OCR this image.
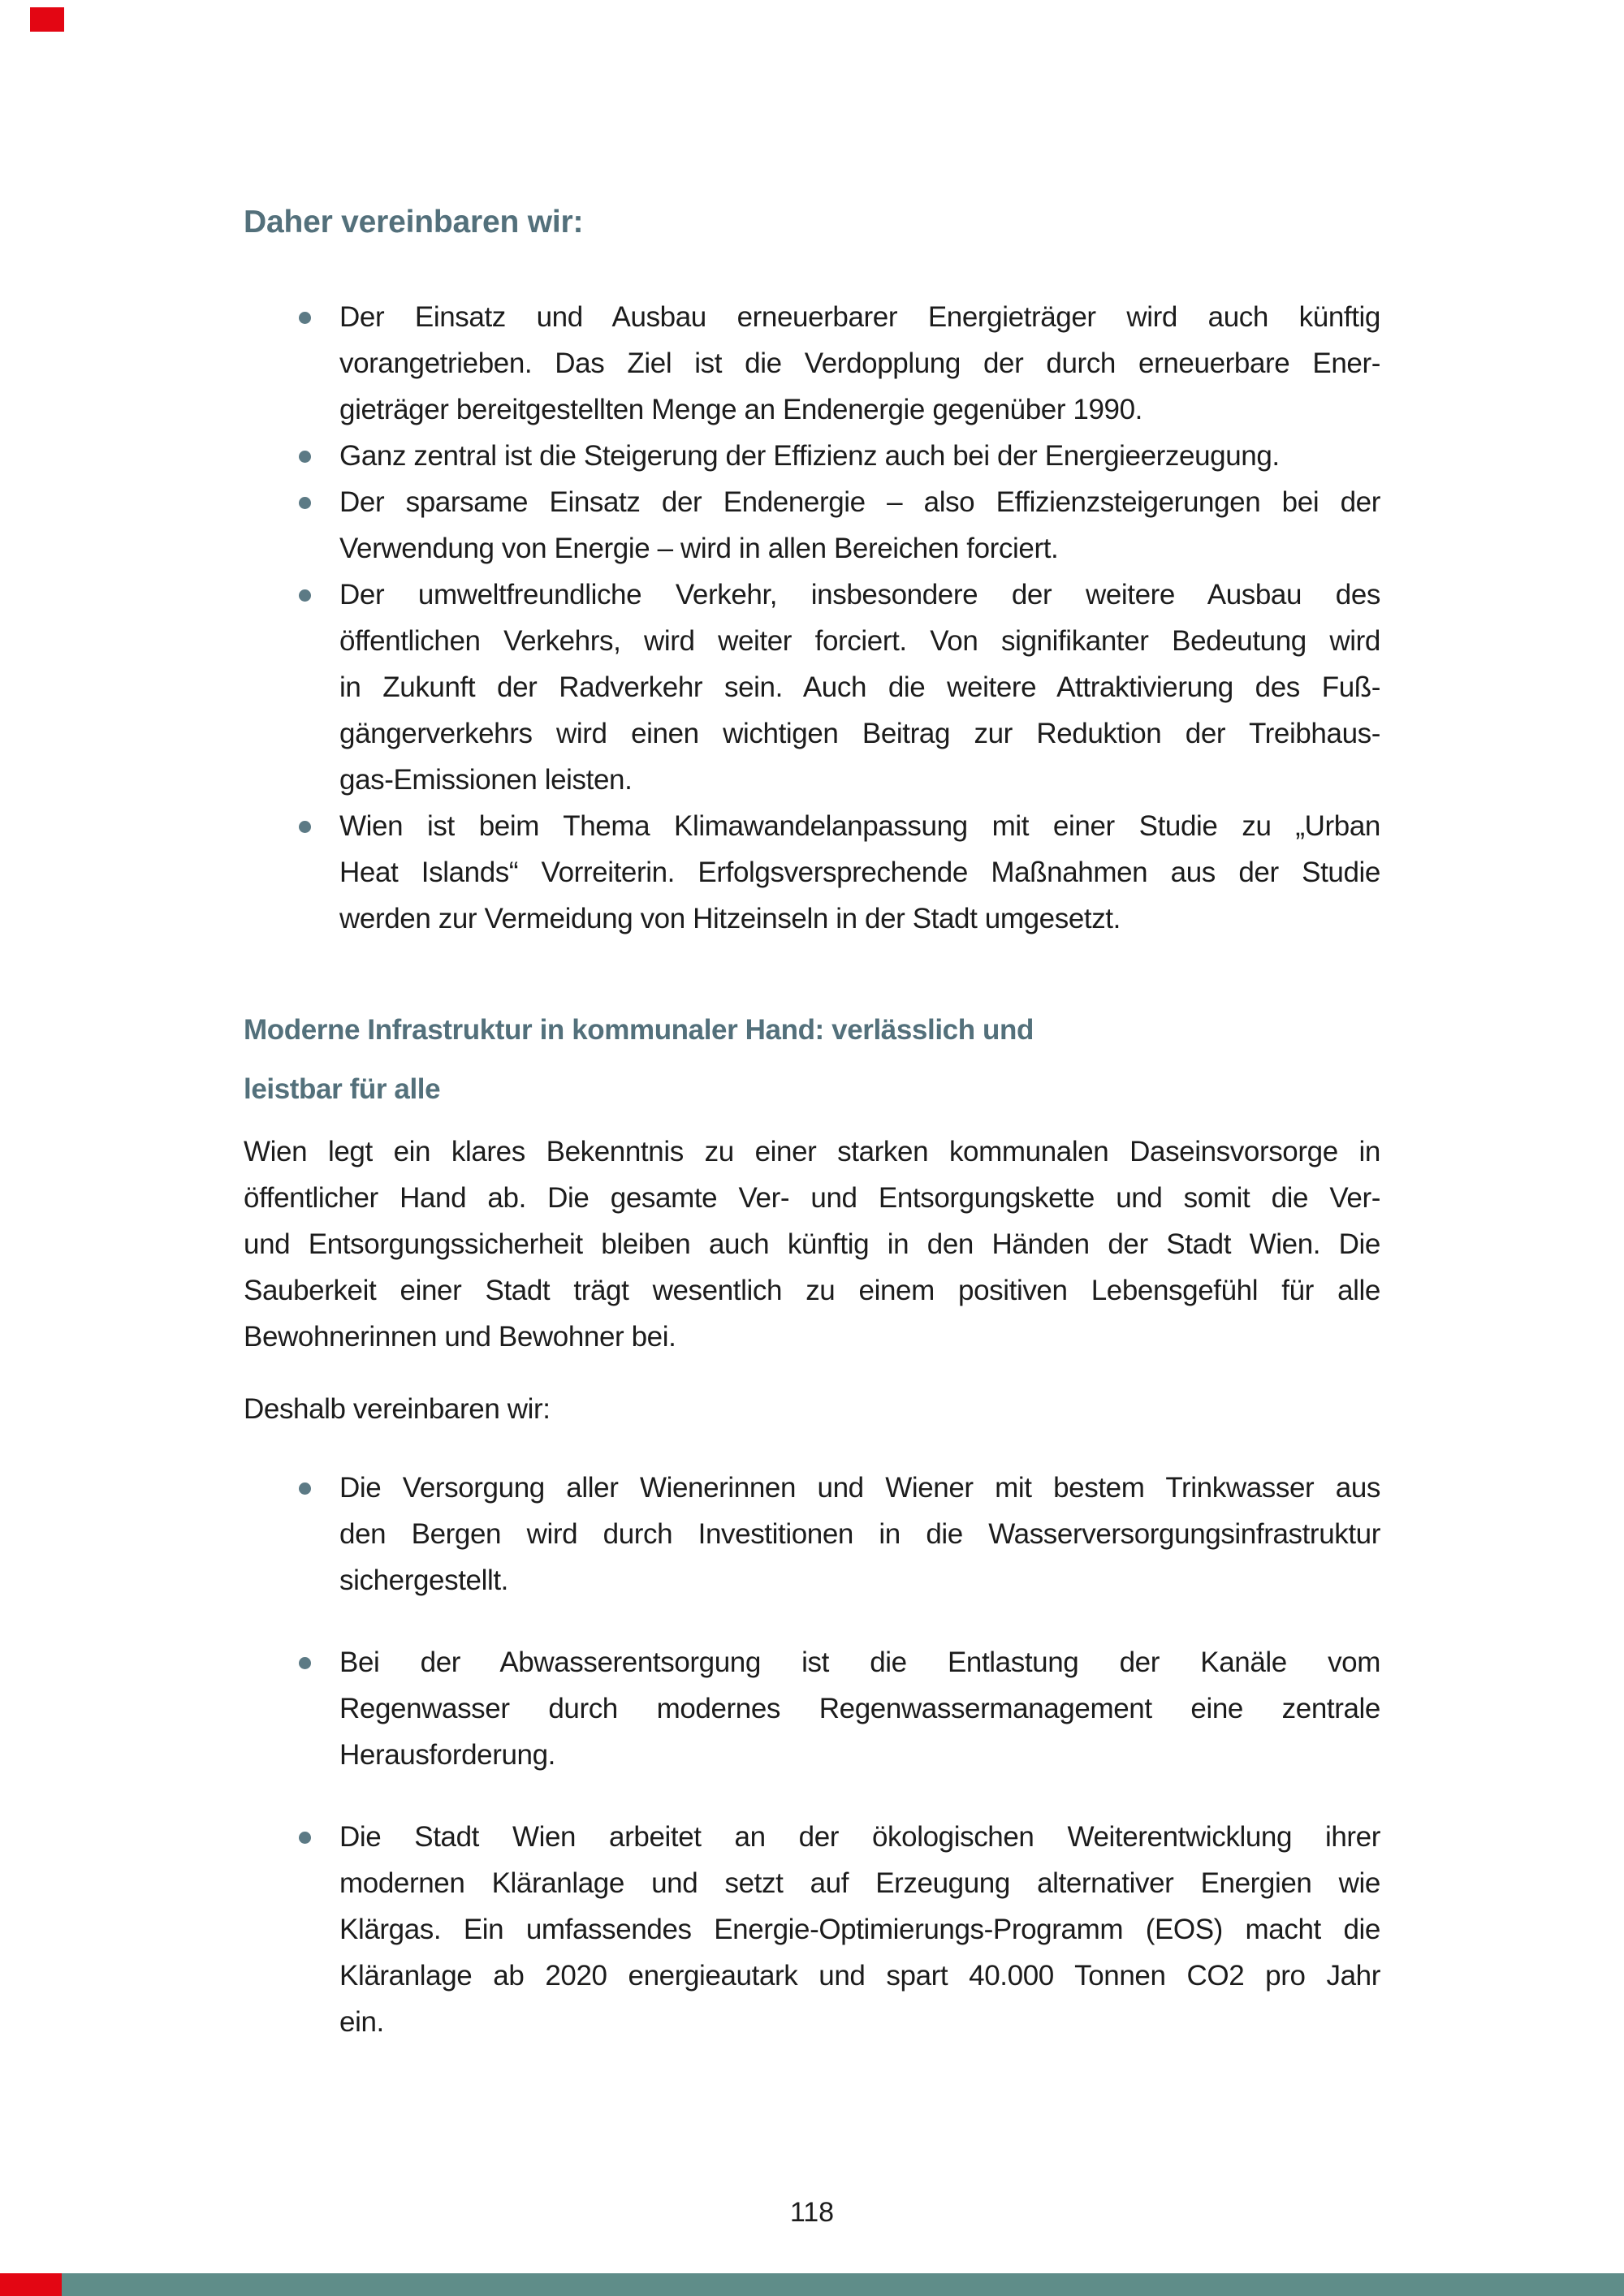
Daher vereinbaren wir:
Der Einsatz und Ausbau erneuerbarer Energieträger wird auch künftig
vorangetrieben. Das Ziel ist die Verdopplung der durch erneuerbare Ener-
gieträger bereitgestellten Menge an Endenergie gegenüber 1990.
Ganz zentral ist die Steigerung der Effizienz auch bei der Energieerzeugung.
Der sparsame Einsatz der Endenergie – also Effizienzsteigerungen bei der
Verwendung von Energie – wird in allen Bereichen forciert.
Der umweltfreundliche Verkehr, insbesondere der weitere Ausbau des
öffentlichen Verkehrs, wird weiter forciert. Von signifikanter Bedeutung wird
in Zukunft der Radverkehr sein. Auch die weitere Attraktivierung des Fuß-
gängerverkehrs wird einen wichtigen Beitrag zur Reduktion der Treibhaus-
gas-Emissionen leisten.
Wien ist beim Thema Klimawandelanpassung mit einer Studie zu „Urban
Heat Islands“ Vorreiterin. Erfolgsversprechende Maßnahmen aus der Studie
werden zur Vermeidung von Hitzeinseln in der Stadt umgesetzt.
Moderne Infrastruktur in kommunaler Hand: verlässlich und
leistbar für alle
Wien legt ein klares Bekenntnis zu einer starken kommunalen Daseinsvorsorge in
öffentlicher Hand ab. Die gesamte Ver- und Entsorgungskette und somit die Ver-
und Entsorgungssicherheit bleiben auch künftig in den Händen der Stadt Wien. Die
Sauberkeit einer Stadt trägt wesentlich zu einem positiven Lebensgefühl für alle
Bewohnerinnen und Bewohner bei.
Deshalb vereinbaren wir:
Die Versorgung aller Wienerinnen und Wiener mit bestem Trinkwasser aus
den Bergen wird durch Investitionen in die Wasserversorgungsinfrastruktur
sichergestellt.
Bei der Abwasserentsorgung ist die Entlastung der Kanäle vom
Regenwasser durch modernes Regenwassermanagement eine zentrale
Herausforderung.
Die Stadt Wien arbeitet an der ökologischen Weiterentwicklung ihrer
modernen Kläranlage und setzt auf Erzeugung alternativer Energien wie
Klärgas. Ein umfassendes Energie-Optimierungs-Programm (EOS) macht die
Kläranlage ab 2020 energieautark und spart 40.000 Tonnen CO2 pro Jahr
ein.
118
